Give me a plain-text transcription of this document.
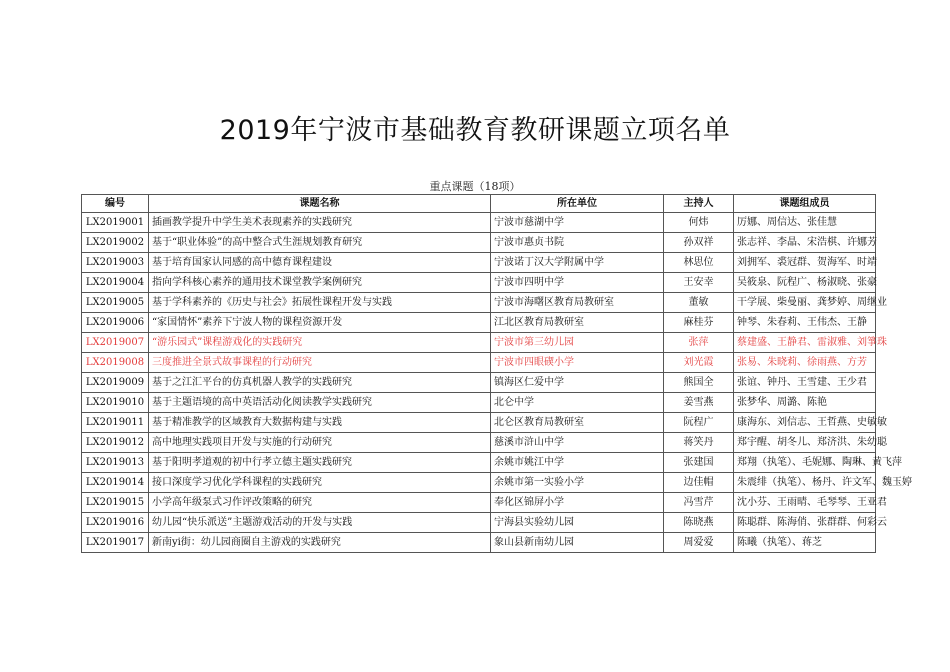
2019年宁波市基础教育教研课题立项名单
重点课题（18项）
编号	课题名称	所在单位	主持人	课题组成员
LX2019001	插画教学提升中学生美术表现素养的实践研究	宁波市慈湖中学	何炜	厉娜、周信达、张佳慧
LX2019002	基于“职业体验”的高中整合式生涯规划教育研究	宁波市惠贞书院	孙双祥	张志祥、李晶、宋浩棋、许娜芳
LX2019003	基于培育国家认同感的高中德育课程建设	宁波诺丁汉大学附属中学	林思位	刘拥军、裘冠群、贺海军、时靖
LX2019004	指向学科核心素养的通用技术课堂教学案例研究	宁波市四明中学	王安幸	吴筱泉、阮程广、杨淑晓、张豪
LX2019005	基于学科素养的《历史与社会》拓展性课程开发与实践	宁波市海曙区教育局教研室	董敏	干学展、柴曼丽、龚梦婷、周继业
LX2019006	“家国情怀”素养下宁波人物的课程资源开发	江北区教育局教研室	麻桂芬	钟琴、朱春莉、王伟杰、王静
LX2019007	“游乐园式”课程游戏化的实践研究	宁波市第三幼儿园	张萍	蔡建盛、王静君、雷淑雅、刘箏珠
LX2019008	三度推进全景式故事课程的行动研究	宁波市四眼碶小学	刘光霞	张易、朱晓莉、徐雨燕、方芳
LX2019009	基于之江汇平台的仿真机器人教学的实践研究	镇海区仁爱中学	熊国全	张谊、钟丹、王雪建、王少君
LX2019010	基于主题语境的高中英语活动化阅读教学实践研究	北仑中学	姜雪燕	张梦华、周潞、陈艳
LX2019011	基于精准教学的区域教育大数据构建与实践	北仑区教育局教研室	阮程广	康海东、刘信志、王哲燕、史敏敏
LX2019012	高中地理实践项目开发与实施的行动研究	慈溪市浒山中学	蒋笑丹	郑宇醒、胡冬儿、郑济洪、朱幼聪
LX2019013	基于阳明孝道观的初中行孝立德主题实践研究	余姚市姚江中学	张建国	郑翔（执笔）、毛妮娜、陶琳、黄飞萍
LX2019014	接口深度学习优化学科课程的实践研究	余姚市第一实验小学	边佳帽	朱震绯（执笔）、杨丹、许文军、魏玉婷
LX2019015	小学高年级泵式习作评改策略的研究	奉化区锦屏小学	冯雪芹	沈小芬、王雨晴、毛琴琴、王亚君
LX2019016	幼儿园“快乐派送”主题游戏活动的开发与实践	宁海县实验幼儿园	陈晓燕	陈聪群、陈海俏、张群群、何彩云
LX2019017	新南yi街：幼儿园商圈自主游戏的实践研究	象山县新南幼儿园	周爱爱	陈曦（执笔）、蒋芝
